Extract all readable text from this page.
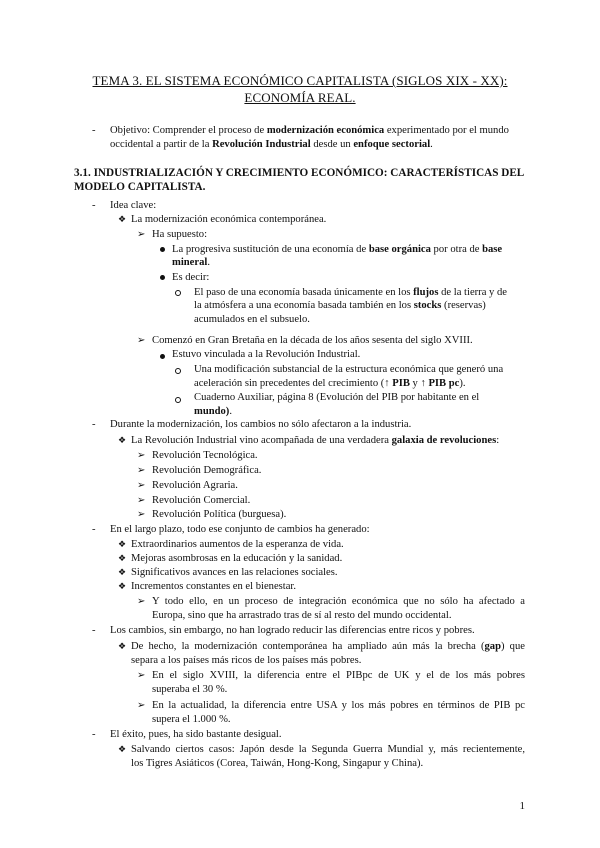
TEMA 3. EL SISTEMA ECONÓMICO CAPITALISTA (SIGLOS XIX - XX):
ECONOMÍA REAL.
-	Objetivo: Comprender el proceso de modernización económica experimentado por el mundo
occidental a partir de la Revolución Industrial desde un enfoque sectorial.
3.1. INDUSTRIALIZACIÓN Y CRECIMIENTO ECONÓMICO: CARACTERÍSTICAS DEL
MODELO CAPITALISTA.
-	Idea clave:
❖ La modernización económica contemporánea.
➢ Ha supuesto:
La progresiva sustitución de una economía de base orgánica por otra de base
mineral.
Es decir:
El paso de una economía basada únicamente en los flujos de la tierra y de
la atmósfera a una economía basada también en los stocks (reservas)
acumulados en el subsuelo.
➢ Comenzó en Gran Bretaña en la década de los años sesenta del siglo XVIII.
Estuvo vinculada a la Revolución Industrial.
Una modificación substancial de la estructura económica que generó una
aceleración sin precedentes del crecimiento (↑ PIB y ↑ PIB pc).
Cuaderno Auxiliar, página 8 (Evolución del PIB por habitante en el
mundo).
-	Durante la modernización, los cambios no sólo afectaron a la industria.
❖ La Revolución Industrial vino acompañada de una verdadera galaxia de revoluciones:
➢ Revolución Tecnológica.
➢ Revolución Demográfica.
➢ Revolución Agraria.
➢ Revolución Comercial.
➢ Revolución Política (burguesa).
-	En el largo plazo, todo ese conjunto de cambios ha generado:
❖ Extraordinarios aumentos de la esperanza de vida.
❖ Mejoras asombrosas en la educación y la sanidad.
❖ Significativos avances en las relaciones sociales.
❖ Incrementos constantes en el bienestar.
➢ Y todo ello, en un proceso de integración económica que no sólo ha afectado a
Europa, sino que ha arrastrado tras de sí al resto del mundo occidental.
-	Los cambios, sin embargo, no han logrado reducir las diferencias entre ricos y pobres.
❖ De hecho, la modernización contemporánea ha ampliado aún más la brecha (gap) que
separa a los países más ricos de los países más pobres.
➢ En el siglo XVIII, la diferencia entre el PIBpc de UK y el de los más pobres
superaba el 30 %.
➢ En la actualidad, la diferencia entre USA y los más pobres en términos de PIB pc
supera el 1.000 %.
-	El éxito, pues, ha sido bastante desigual.
❖ Salvando ciertos casos: Japón desde la Segunda Guerra Mundial y, más recientemente,
los Tigres Asiáticos (Corea, Taiwán, Hong-Kong, Singapur y China).
1
